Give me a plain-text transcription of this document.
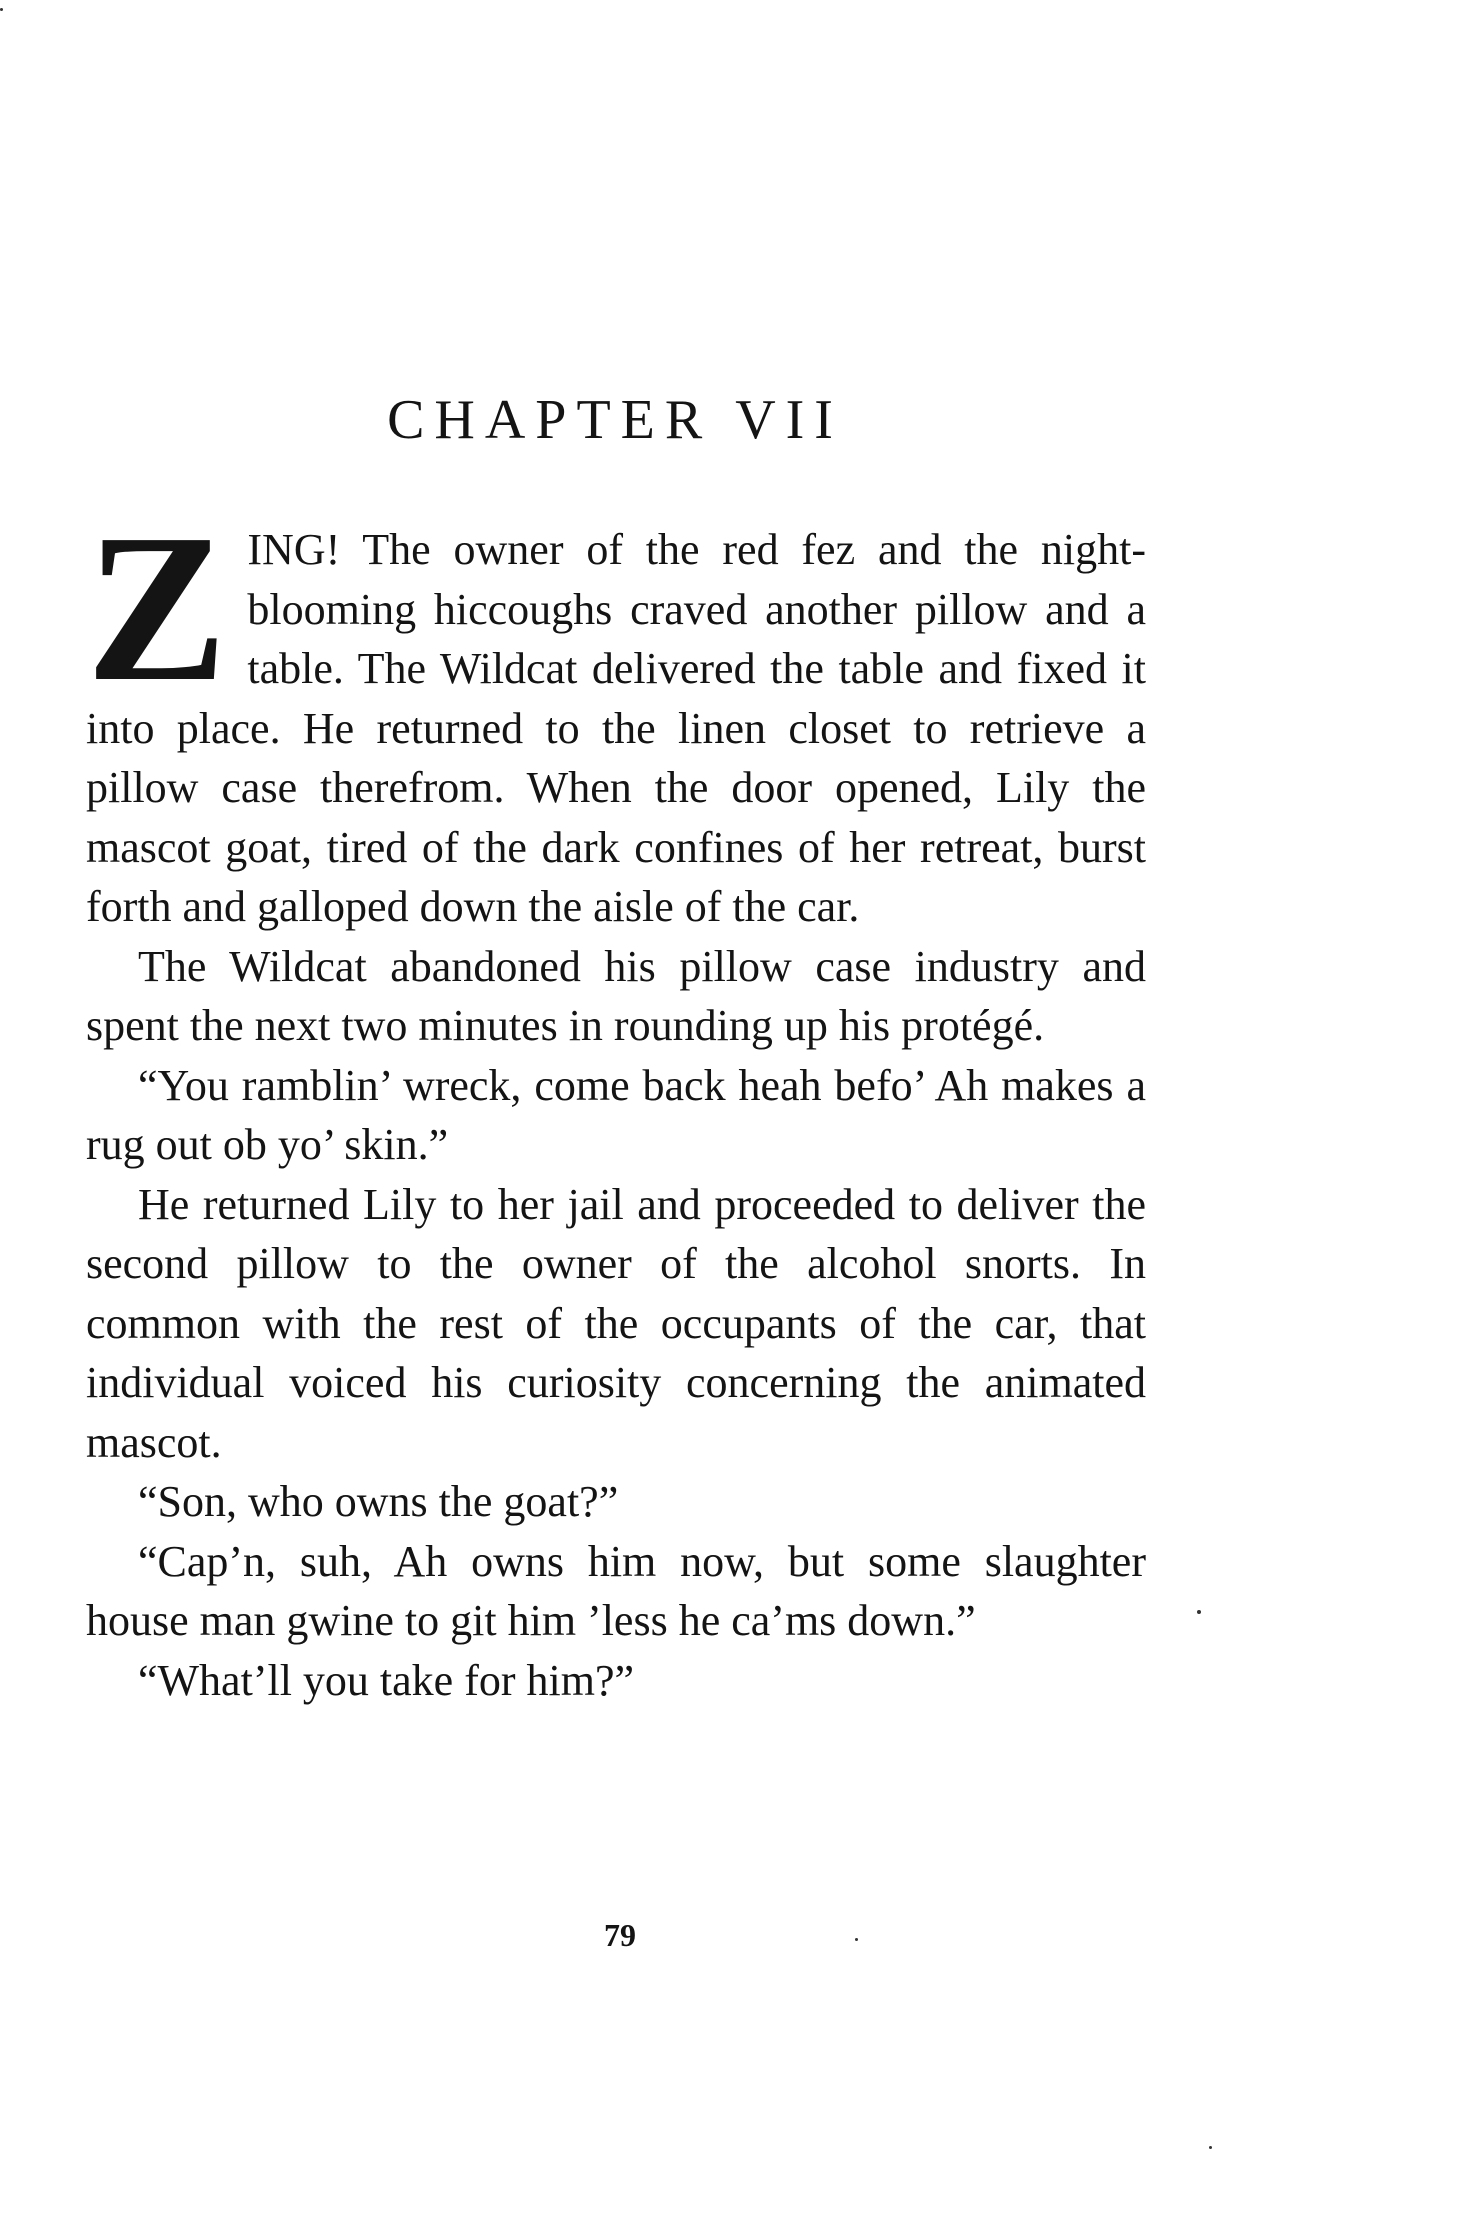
CHAPTER VII
Z ING! The owner of the red fez and the night-blooming hiccoughs craved another pillow and a table. The Wildcat delivered the table and fixed it into place. He returned to the linen closet to retrieve a pillow case therefrom. When the door opened, Lily the mascot goat, tired of the dark confines of her retreat, burst forth and galloped down the aisle of the car.

The Wildcat abandoned his pillow case industry and spent the next two minutes in rounding up his protégé.

“You ramblin’ wreck, come back heah befo’ Ah makes a rug out ob yo’ skin.”

He returned Lily to her jail and proceeded to deliver the second pillow to the owner of the alcohol snorts. In common with the rest of the occupants of the car, that individual voiced his curiosity concerning the animated mascot.

“Son, who owns the goat?”

“Cap’n, suh, Ah owns him now, but some slaughter house man gwine to git him ’less he ca’ms down.”

“What’ll you take for him?”

79
